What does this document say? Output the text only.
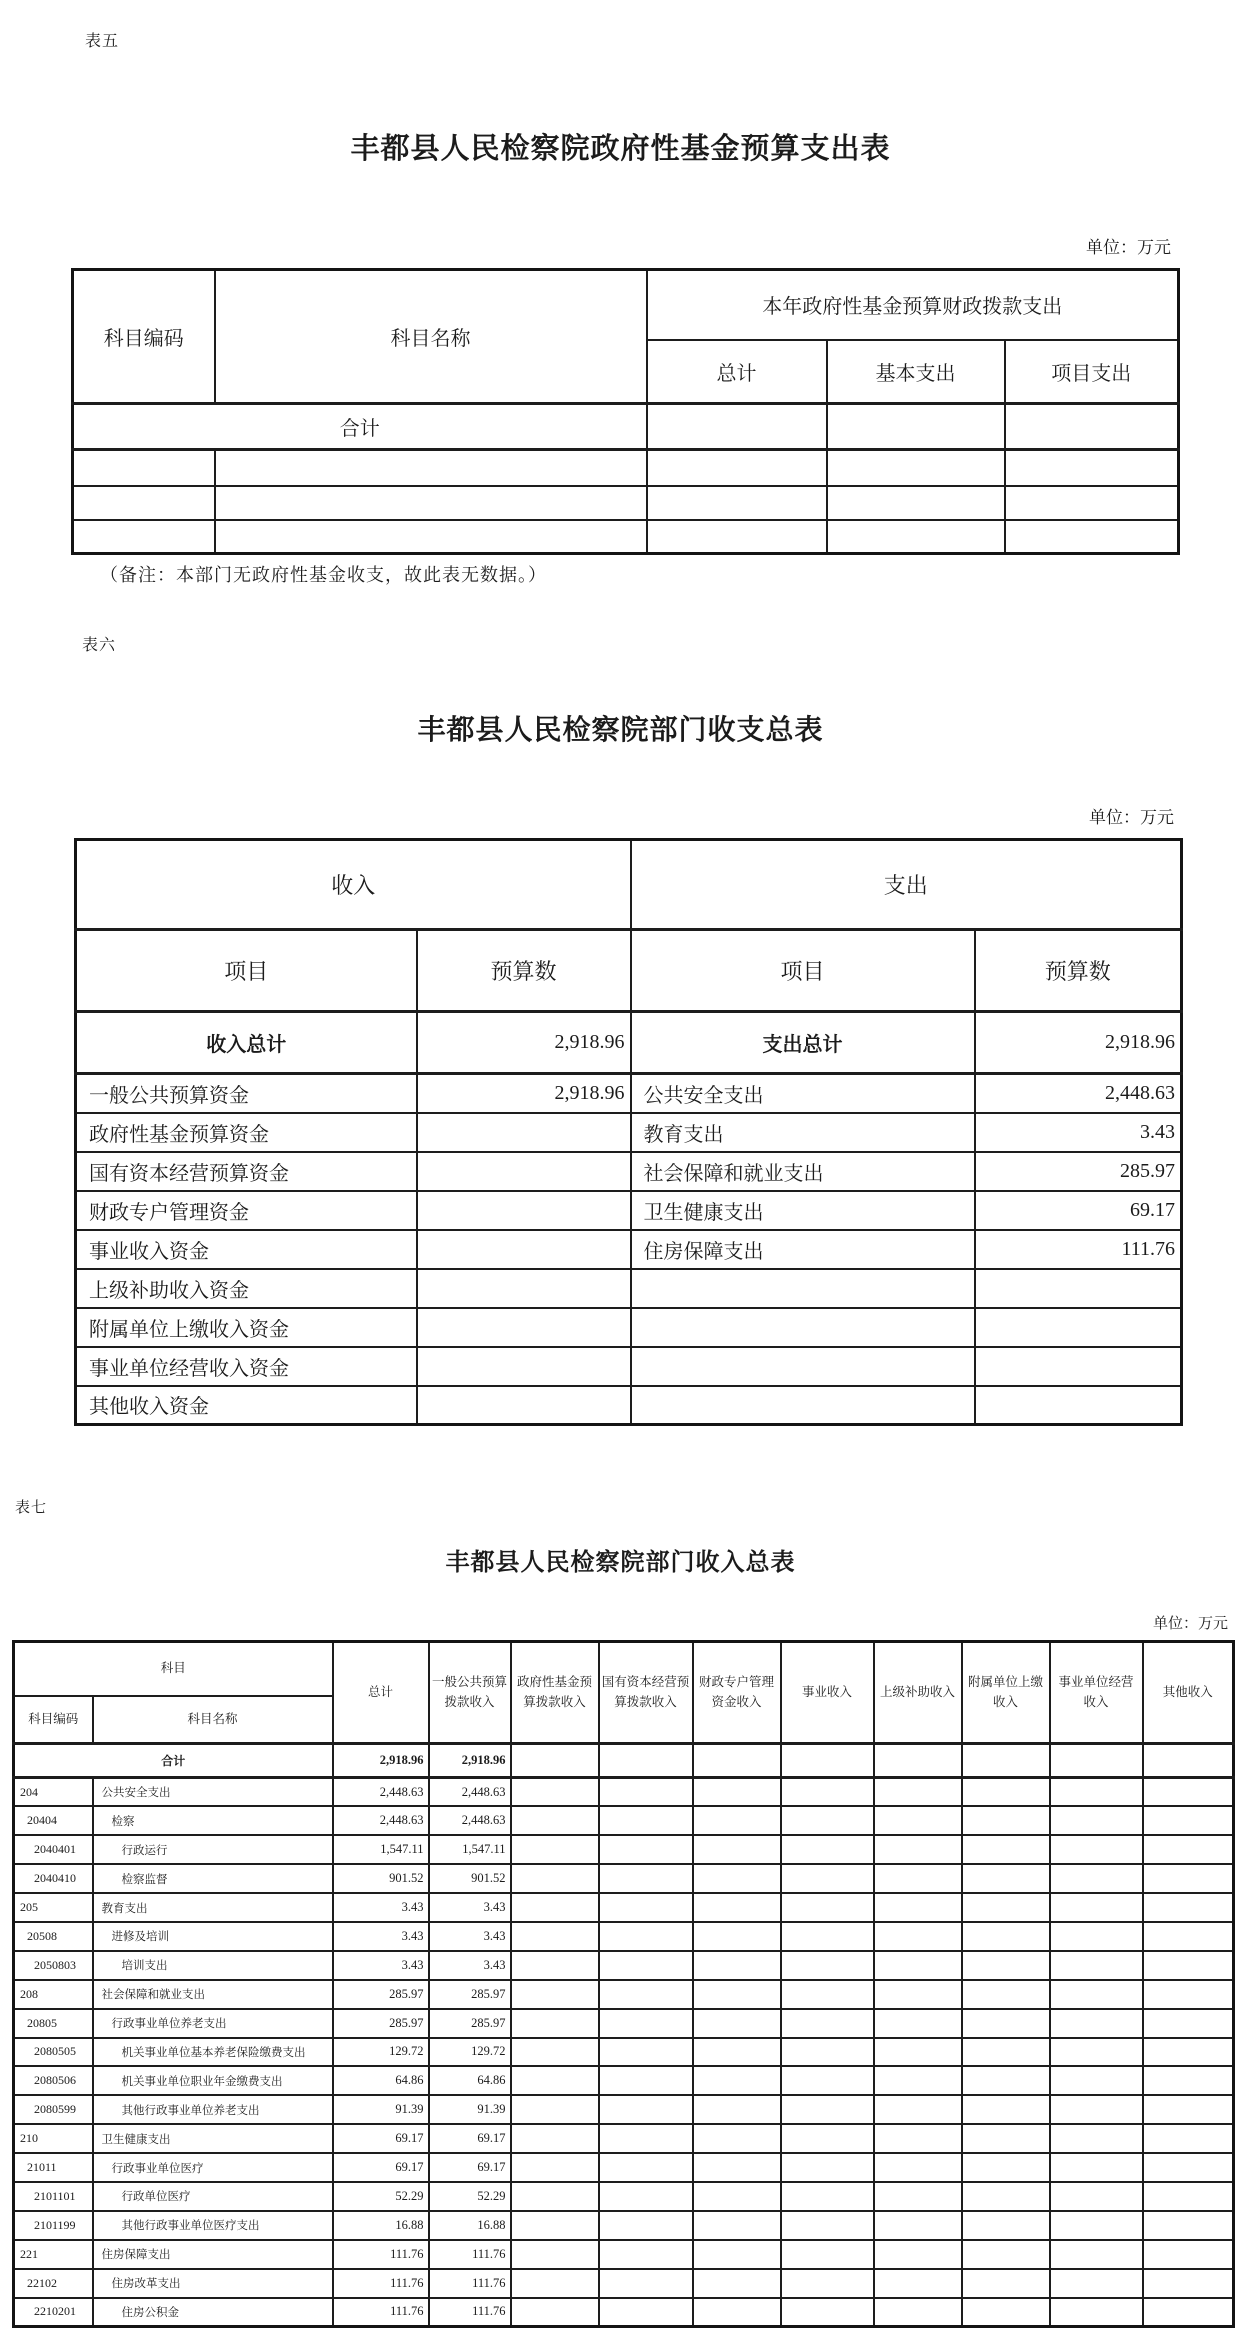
表五
丰都县人民检察院政府性基金预算支出表
单位：万元
科目编码	科目名称	本年政府性基金预算财政拨款支出		
		总计	基本支出	项目支出
合计				

（备注：本部门无政府性基金收支，故此表无数据。）
表六
丰都县人民检察院部门收支总表
单位：万元
收入		支出	
项目	预算数	项目	预算数
收入总计	2,918.96	支出总计	2,918.96
一般公共预算资金	2,918.96	公共安全支出	2,448.63
政府性基金预算资金		教育支出	3.43
国有资本经营预算资金		社会保障和就业支出	285.97
财政专户管理资金		卫生健康支出	69.17
事业收入资金		住房保障支出	111.76
上级补助收入资金			
附属单位上缴收入资金			
事业单位经营收入资金			
其他收入资金			
表七
丰都县人民检察院部门收入总表
单位：万元
科目		总计	一般公共预算拨款收入	政府性基金预算拨款收入	国有资本经营预算拨款收入	财政专户管理资金收入	事业收入	上级补助收入	附属单位上缴收入	事业单位经营收入	其他收入
科目编码	科目名称										
合计		2,918.96	2,918.96								
204	公共安全支出	2,448.63	2,448.63								
20404	检察	2,448.63	2,448.63								
2040401	行政运行	1,547.11	1,547.11								
2040410	检察监督	901.52	901.52								
205	教育支出	3.43	3.43								
20508	进修及培训	3.43	3.43								
2050803	培训支出	3.43	3.43								
208	社会保障和就业支出	285.97	285.97								
20805	行政事业单位养老支出	285.97	285.97								
2080505	机关事业单位基本养老保险缴费支出	129.72	129.72								
2080506	机关事业单位职业年金缴费支出	64.86	64.86								
2080599	其他行政事业单位养老支出	91.39	91.39								
210	卫生健康支出	69.17	69.17								
21011	行政事业单位医疗	69.17	69.17								
2101101	行政单位医疗	52.29	52.29								
2101199	其他行政事业单位医疗支出	16.88	16.88								
221	住房保障支出	111.76	111.76								
22102	住房改革支出	111.76	111.76								
2210201	住房公积金	111.76	111.76								
